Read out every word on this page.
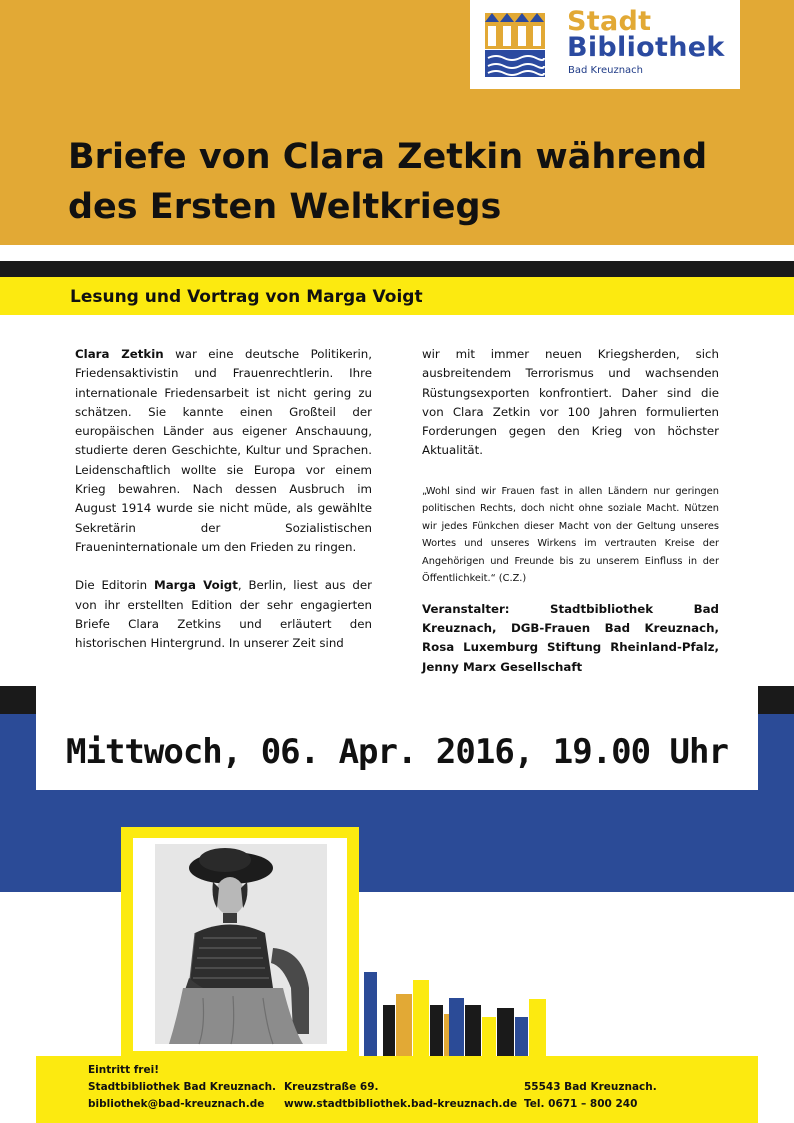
Stadt
Bibliothek
Bad Kreuznach
Briefe von Clara Zetkin während
des Ersten Weltkriegs
Lesung und Vortrag von Marga Voigt

Clara Zetkin war eine deutsche Politikerin, Friedensaktivistin und Frauenrechtlerin. Ihre internationale Friedensarbeit ist nicht gering zu schätzen. Sie kannte einen Großteil der europäischen Länder aus eigener Anschauung, studierte deren Geschichte, Kultur und Sprachen. Leidenschaftlich wollte sie Europa vor einem Krieg bewahren. Nach dessen Ausbruch im August 1914 wurde sie nicht müde, als gewählte Sekretärin der Sozialistischen Fraueninternationale um den Frieden zu ringen.

Die Editorin Marga Voigt, Berlin, liest aus der von ihr erstellten Edition der sehr engagierten Briefe Clara Zetkins und erläutert den historischen Hintergrund. In unserer Zeit sind

wir mit immer neuen Kriegsherden, sich ausbreitendem Terrorismus und wachsenden Rüstungsexporten konfrontiert. Daher sind die von Clara Zetkin vor 100 Jahren formulierten Forderungen gegen den Krieg von höchster Aktualität.

„Wohl sind wir Frauen fast in allen Ländern nur geringen politischen Rechts, doch nicht ohne soziale Macht. Nützen wir jedes Fünkchen dieser Macht von der Geltung unseres Wortes und unseres Wirkens im vertrauten Kreise der Angehörigen und Freunde bis zu unserem Einfluss in der Öffentlichkeit.“ (C.Z.)

Veranstalter: Stadtbibliothek Bad Kreuznach, DGB-Frauen Bad Kreuznach, Rosa Luxemburg Stiftung Rheinland-Pfalz, Jenny Marx Gesellschaft

Mittwoch, 06. Apr. 2016, 19.00 Uhr

Eintritt frei!
Stadtbibliothek Bad Kreuznach.
bibliothek@bad-kreuznach.de
Kreuzstraße 69.
www.stadtbibliothek.bad-kreuznach.de
55543 Bad Kreuznach.
Tel. 0671 – 800 240
